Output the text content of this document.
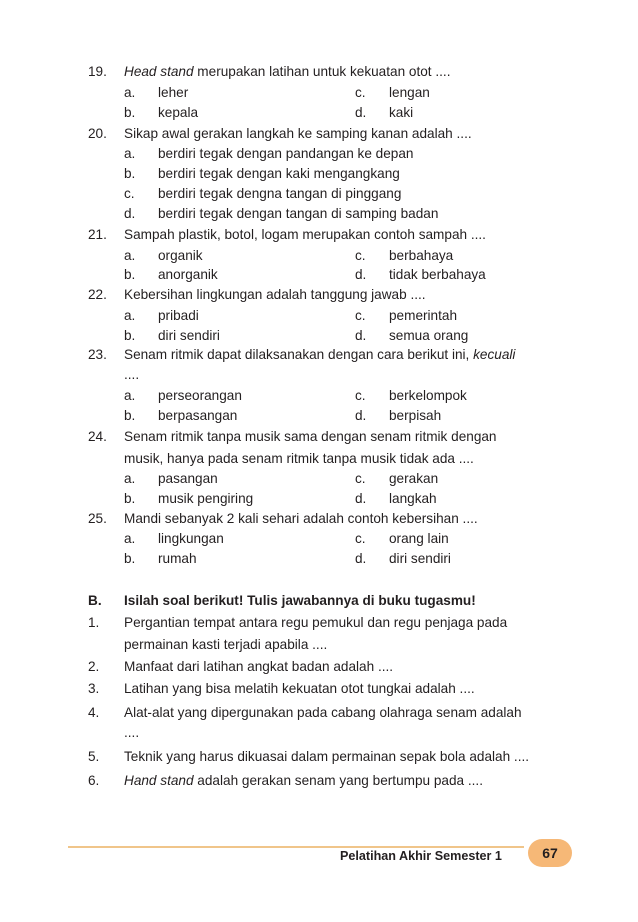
19. Head stand merupakan latihan untuk kekuatan otot ....
a. leher
b. kepala
c. lengan
d. kaki
20. Sikap awal gerakan langkah ke samping kanan adalah ....
a. berdiri tegak dengan pandangan ke depan
b. berdiri tegak dengan kaki mengangkang
c. berdiri tegak dengna tangan di pinggang
d. berdiri tegak dengan tangan di samping badan
21. Sampah plastik, botol, logam merupakan contoh sampah ....
a. organik
b. anorganik
c. berbahaya
d. tidak berbahaya
22. Kebersihan lingkungan adalah tanggung jawab ....
a. pribadi
b. diri sendiri
c. pemerintah
d. semua orang
23. Senam ritmik dapat dilaksanakan dengan cara berikut ini, kecuali
....
a. perseorangan
b. berpasangan
c. berkelompok
d. berpisah
24. Senam ritmik tanpa musik sama dengan senam ritmik dengan
musik, hanya pada senam ritmik tanpa musik tidak ada ....
a. pasangan
b. musik pengiring
c. gerakan
d. langkah
25. Mandi sebanyak 2 kali sehari adalah contoh kebersihan ....
a. lingkungan
b. rumah
c. orang lain
d. diri sendiri
B. Isilah soal berikut! Tulis jawabannya di buku tugasmu!
1. Pergantian tempat antara regu pemukul dan regu penjaga pada
permainan kasti terjadi apabila ....
2. Manfaat dari latihan angkat badan adalah ....
3. Latihan yang bisa melatih kekuatan otot tungkai adalah ....
4. Alat-alat yang dipergunakan pada cabang olahraga senam adalah
....
5. Teknik yang harus dikuasai dalam permainan sepak bola adalah ....
6. Hand stand adalah gerakan senam yang bertumpu pada ....
Pelatihan Akhir Semester 1	67
